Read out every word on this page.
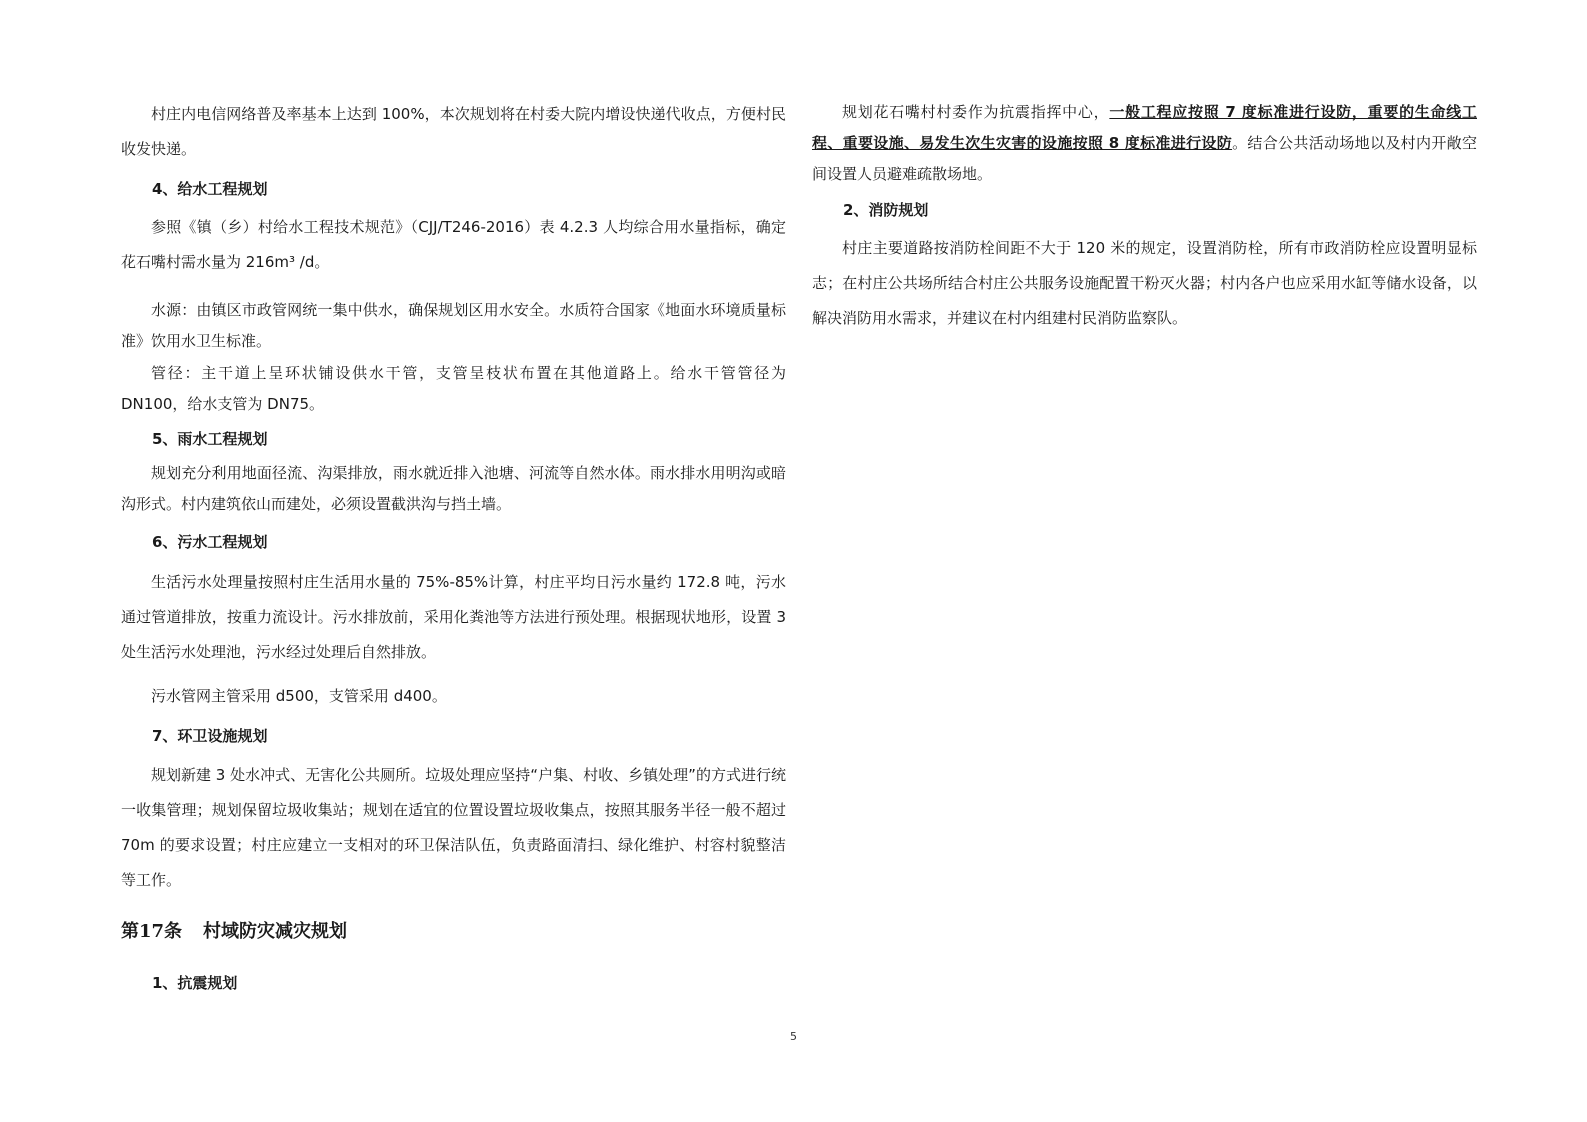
村庄内电信网络普及率基本上达到 100%，本次规划将在村委大院内增设快递代收点，方便村民收发快递。

4、给水工程规划

参照《镇（乡）村给水工程技术规范》（CJJ/T246-2016）表 4.2.3 人均综合用水量指标，确定花石嘴村需水量为 216m³ /d。

水源：由镇区市政管网统一集中供水，确保规划区用水安全。水质符合国家《地面水环境质量标准》饮用水卫生标准。

管径：主干道上呈环状铺设供水干管，支管呈枝状布置在其他道路上。给水干管管径为 DN100，给水支管为 DN75。

5、雨水工程规划

规划充分利用地面径流、沟渠排放，雨水就近排入池塘、河流等自然水体。雨水排水用明沟或暗沟形式。村内建筑依山而建处，必须设置截洪沟与挡土墙。

6、污水工程规划

生活污水处理量按照村庄生活用水量的 75%-85%计算，村庄平均日污水量约 172.8 吨，污水通过管道排放，按重力流设计。污水排放前，采用化粪池等方法进行预处理。根据现状地形，设置 3 处生活污水处理池，污水经过处理后自然排放。

污水管网主管采用 d500，支管采用 d400。

7、环卫设施规划

规划新建 3 处水冲式、无害化公共厕所。垃圾处理应坚持“户集、村收、乡镇处理”的方式进行统一收集管理；规划保留垃圾收集站；规划在适宜的位置设置垃圾收集点，按照其服务半径一般不超过 70m 的要求设置；村庄应建立一支相对的环卫保洁队伍，负责路面清扫、绿化维护、村容村貌整洁等工作。

第17条 村域防灾减灾规划
1、抗震规划

规划花石嘴村村委作为抗震指挥中心，一般工程应按照 7 度标准进行设防，重要的生命线工程、重要设施、易发生次生灾害的设施按照 8 度标准进行设防。结合公共活动场地以及村内开敞空间设置人员避难疏散场地。

2、消防规划

村庄主要道路按消防栓间距不大于 120 米的规定，设置消防栓，所有市政消防栓应设置明显标志；在村庄公共场所结合村庄公共服务设施配置干粉灭火器；村内各户也应采用水缸等储水设备，以解决消防用水需求，并建议在村内组建村民消防监察队。

5
